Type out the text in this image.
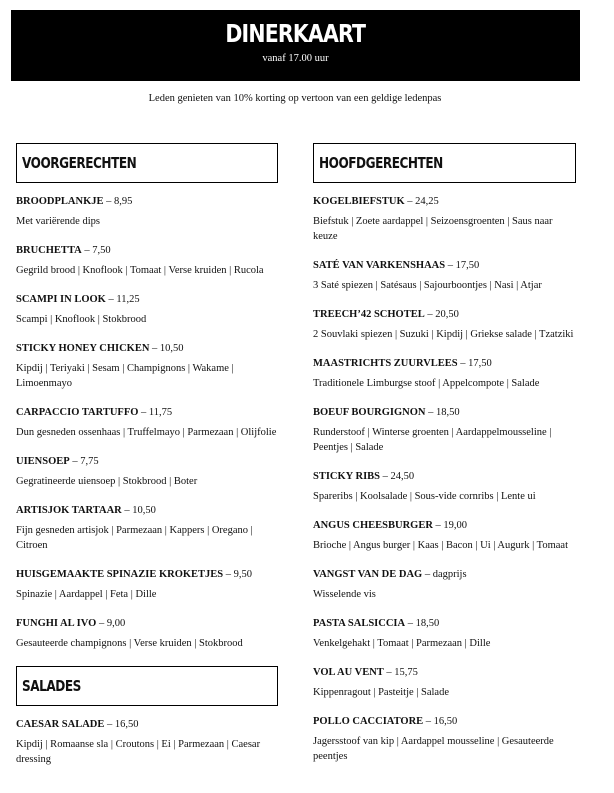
DINERKAART
vanaf 17.00 uur
Leden genieten van 10% korting op vertoon van een geldige ledenpas
VOORGERECHTEN
BROODPLANKJE – 8,95
Met variërende dips
BRUCHETTA – 7,50
Gegrild brood | Knoflook | Tomaat | Verse kruiden | Rucola
SCAMPI IN LOOK – 11,25
Scampi | Knoflook | Stokbrood
STICKY HONEY CHICKEN – 10,50
Kipdij | Teriyaki | Sesam | Champignons | Wakame | Limoenmayo
CARPACCIO TARTUFFO – 11,75
Dun gesneden ossenhaas | Truffelmayo | Parmezaan | Olijfolie
UIENSOEP – 7,75
Gegratineerde uiensoep | Stokbrood | Boter
ARTISJOK TARTAAR – 10,50
Fijn gesneden artisjok | Parmezaan | Kappers | Oregano | Citroen
HUISGEMAAKTE SPINAZIE KROKETJES – 9,50
Spinazie | Aardappel | Feta | Dille
FUNGHI AL IVO – 9,00
Gesauteerde champignons | Verse kruiden | Stokbrood
SALADES
CAESAR SALADE – 16,50
Kipdij | Romaanse sla | Croutons | Ei | Parmezaan | Caesar dressing
HOOFDGERECHTEN
KOGELBIEFSTUK – 24,25
Biefstuk | Zoete aardappel | Seizoensgroenten | Saus naar keuze
SATÉ VAN VARKENSHAAS – 17,50
3 Saté spiezen | Satésaus | Sajourboontjes | Nasi | Atjar
TREECH’42 SCHOTEL – 20,50
2 Souvlaki spiezen | Suzuki | Kipdij | Griekse salade | Tzatziki
MAASTRICHTS ZUURVLEES – 17,50
Traditionele Limburgse stoof | Appelcompote | Salade
BOEUF BOURGIGNON – 18,50
Runderstoof | Winterse groenten | Aardappelmousseline | Peentjes | Salade
STICKY RIBS – 24,50
Spareribs | Koolsalade | Sous-vide cornribs | Lente ui
ANGUS CHEESBURGER – 19,00
Brioche | Angus burger | Kaas | Bacon | Ui | Augurk | Tomaat
VANGST VAN DE DAG – dagprijs
Wisselende vis
PASTA SALSICCIA – 18,50
Venkelgehakt | Tomaat | Parmezaan | Dille
VOL AU VENT – 15,75
Kippenragout | Pasteitje | Salade
POLLO CACCIATORE – 16,50
Jagersstoof van kip | Aardappel mousseline | Gesauteerde peentjes
